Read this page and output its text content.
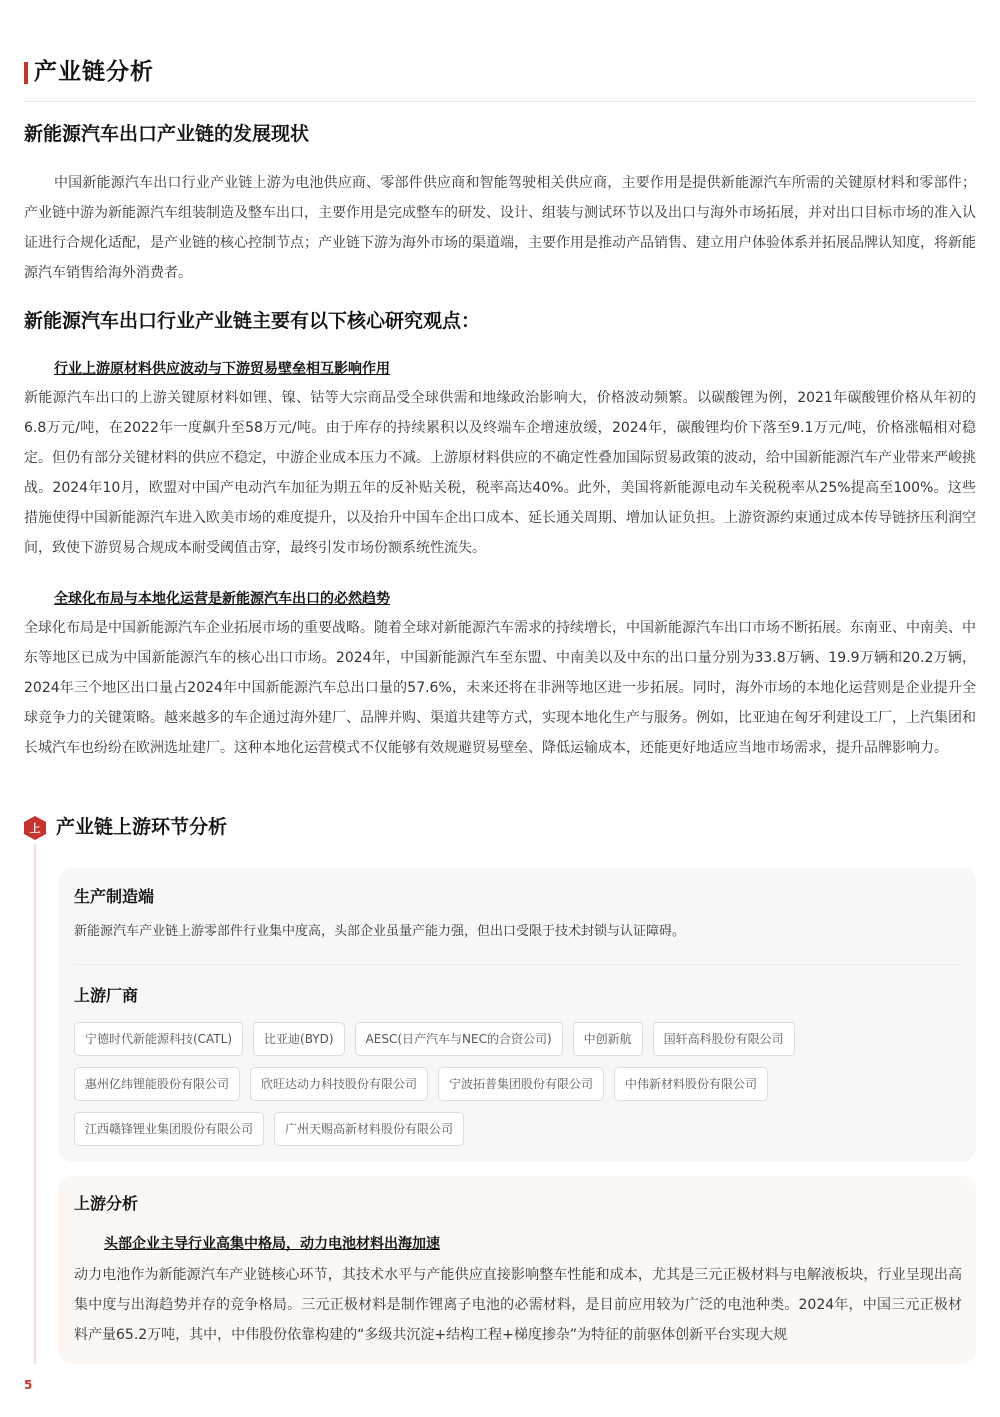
产业链分析
新能源汽车出口产业链的发展现状

中国新能源汽车出口行业产业链上游为电池供应商、零部件供应商和智能驾驶相关供应商，主要作用是提供新能源汽车所需的关键原材料和零部件；产业链中游为新能源汽车组装制造及整车出口，主要作用是完成整车的研发、设计、组装与测试环节以及出口与海外市场拓展，并对出口目标市场的准入认证进行合规化适配，是产业链的核心控制节点；产业链下游为海外市场的渠道端，主要作用是推动产品销售、建立用户体验体系并拓展品牌认知度，将新能源汽车销售给海外消费者。

新能源汽车出口行业产业链主要有以下核心研究观点：
行业上游原材料供应波动与下游贸易壁垒相互影响作用

新能源汽车出口的上游关键原材料如锂、镍、钴等大宗商品受全球供需和地缘政治影响大，价格波动频繁。以碳酸锂为例，2021年碳酸锂价格从年初的6.8万元/吨，在2022年一度飙升至58万元/吨。由于库存的持续累积以及终端车企增速放缓，2024年，碳酸锂均价下落至9.1万元/吨，价格涨幅相对稳定。但仍有部分关键材料的供应不稳定，中游企业成本压力不减。上游原材料供应的不确定性叠加国际贸易政策的波动，给中国新能源汽车产业带来严峻挑战。2024年10月，欧盟对中国产电动汽车加征为期五年的反补贴关税，税率高达40%。此外，美国将新能源电动车关税税率从25%提高至100%。这些措施使得中国新能源汽车进入欧美市场的难度提升，以及抬升中国车企出口成本、延长通关周期、增加认证负担。上游资源约束通过成本传导链挤压利润空间，致使下游贸易合规成本耐受阈值击穿，最终引发市场份额系统性流失。

全球化布局与本地化运营是新能源汽车出口的必然趋势

全球化布局是中国新能源汽车企业拓展市场的重要战略。随着全球对新能源汽车需求的持续增长，中国新能源汽车出口市场不断拓展。东南亚、中南美、中东等地区已成为中国新能源汽车的核心出口市场。2024年，中国新能源汽车至东盟、中南美以及中东的出口量分别为33.8万辆、19.9万辆和20.2万辆，2024年三个地区出口量占2024年中国新能源汽车总出口量的57.6%，未来还将在非洲等地区进一步拓展。同时，海外市场的本地化运营则是企业提升全球竞争力的关键策略。越来越多的车企通过海外建厂、品牌并购、渠道共建等方式，实现本地化生产与服务。例如，比亚迪在匈牙利建设工厂，上汽集团和长城汽车也纷纷在欧洲选址建厂。这种本地化运营模式不仅能够有效规避贸易壁垒、降低运输成本，还能更好地适应当地市场需求，提升品牌影响力。

上 产业链上游环节分析
生产制造端
新能源汽车产业链上游零部件行业集中度高，头部企业虽量产能力强，但出口受限于技术封锁与认证障碍。
上游厂商
宁德时代新能源科技(CATL)	比亚迪(BYD)	AESC(日产汽车与NEC的合资公司)	中创新航	国轩高科股份有限公司
惠州亿纬锂能股份有限公司	欣旺达动力科技股份有限公司	宁波拓普集团股份有限公司	中伟新材料股份有限公司
江西赣锋锂业集团股份有限公司	广州天赐高新材料股份有限公司
上游分析
头部企业主导行业高集中格局，动力电池材料出海加速

动力电池作为新能源汽车产业链核心环节，其技术水平与产能供应直接影响整车性能和成本，尤其是三元正极材料与电解液板块，行业呈现出高集中度与出海趋势并存的竞争格局。三元正极材料是制作锂离子电池的必需材料，是目前应用较为广泛的电池种类。2024年，中国三元正极材料产量65.2万吨，其中，中伟股份依靠构建的“多级共沉淀+结构工程+梯度掺杂”为特征的前驱体创新平台实现大规

5
